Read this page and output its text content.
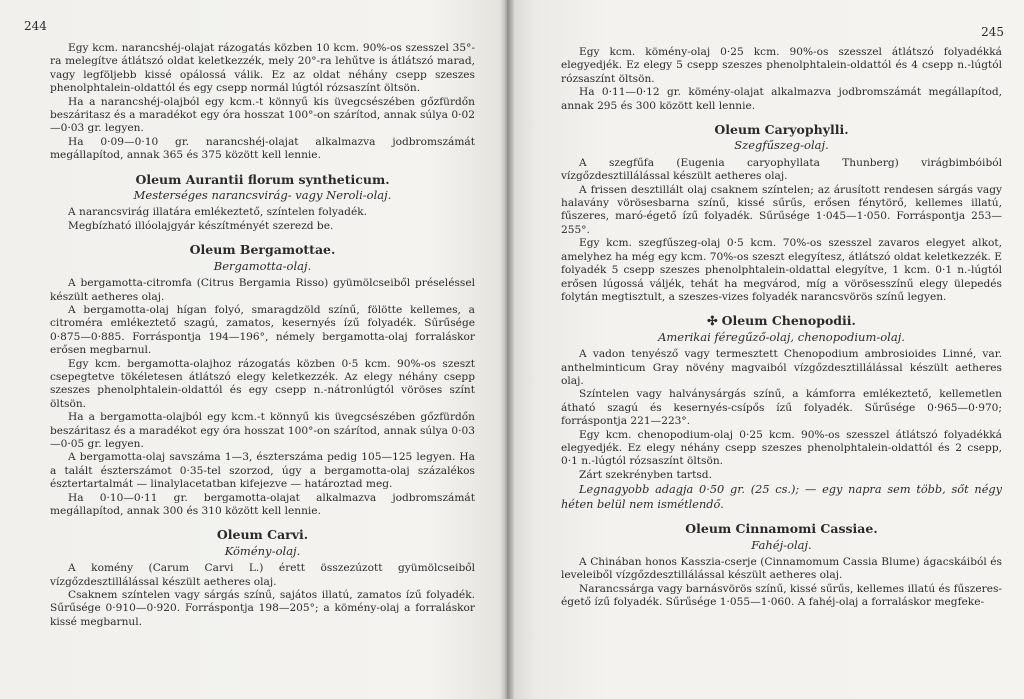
244

Egy kcm. narancshéj-olajat rázogatás közben 10 kcm. 90%-os szesszel 35°-ra melegítve átlátszó oldat keletkezzék, mely 20°-ra lehűtve is átlátszó marad, vagy legföljebb kissé opálossá válik. Ez az oldat néhány csepp szeszes phenolphtalein-oldattól és egy csepp normál lúgtól rózsaszínt öltsön.

Ha a narancshéj-olajból egy kcm.-t könnyű kis üvegcsészében gőzfürdőn beszáritasz és a maradékot egy óra hosszat 100°-on szárítod, annak súlya 0·02—0·03 gr. legyen.

Ha 0·09—0·10 gr. narancshéj-olajat alkalmazva jodbromszámát megállapítod, annak 365 és 375 között kell lennie.

Oleum Aurantii florum syntheticum.
Mesterséges narancsvirág- vagy Neroli-olaj.

A narancsvirág illatára emlékeztető, színtelen folyadék.

Megbízható illóolajgyár készítményét szerezd be.

Oleum Bergamottae.
Bergamotta-olaj.

A bergamotta-citromfa (Citrus Bergamia Risso) gyümölcseiből préseléssel készült aetheres olaj.

A bergamotta-olaj hígan folyó, smaragdzöld színű, fölötte kellemes, a citroméra emlékeztető szagú, zamatos, kesernyés ízű folyadék. Sűrűsége 0·875—0·885. Forráspontja 194—196°, némely bergamotta-olaj forraláskor erősen megbarnul.

Egy kcm. bergamotta-olajhoz rázogatás közben 0·5 kcm. 90%-os szeszt csepegtetve tökéletesen átlátszó elegy keletkezzék. Az elegy néhány csepp szeszes phenolphtalein-oldattól és egy csepp n.-nátronlúgtól vöröses színt öltsön.

Ha a bergamotta-olajból egy kcm.-t könnyű kis üvegcsészében gőzfürdőn beszáritasz és a maradékot egy óra hosszat 100°-on szárítod, annak súlya 0·03—0·05 gr. legyen.

A bergamotta-olaj savszáma 1—3, észterszáma pedig 105—125 legyen. Ha a talált észterszámot 0·35-tel szorzod, úgy a bergamotta-olaj százalékos észtertartalmát — linalylacetatban kifejezve — határoztad meg.

Ha 0·10—0·11 gr. bergamotta-olajat alkalmazva jodbromszámát megállapítod, annak 300 és 310 között kell lennie.

Oleum Carvi.
Köménу-olaj.

A komény (Carum Carvi L.) érett összezúzott gyümölcseiből vízgőzdesztillálással készült aetheres olaj.

Csaknem színtelen vagy sárgás színű, sajátos illatú, zamatos ízű folyadék. Sűrűsége 0·910—0·920. Forráspontja 198—205°; a kömény-olaj a forraláskor kissé megbarnul.

245

Egy kcm. kömény-olaj 0·25 kcm. 90%-os szesszel átlátszó folyadékká elegyedjék. Ez elegy 5 csepp szeszes phenolphtalein-oldattól és 4 csepp n.-lúgtól rózsaszínt öltsön.

Ha 0·11—0·12 gr. kömény-olajat alkalmazva jodbromszámát megállapítod, annak 295 és 300 között kell lennie.

Oleum Caryophylli.
Szegfűszeg-olaj.

A szegfűfa (Eugenia caryophyllata Thunberg) virágbimbóiból vízgőzdesztillálással készült aetheres olaj.

A frissen desztillált olaj csaknem színtelen; az árusított rendesen sárgás vagy halavány vörösesbarna színű, kissé sűrűs, erősen fénytörő, kellemes illatú, fűszeres, maró-égető ízű folyadék. Sűrűsége 1·045—1·050. Forráspontja 253—255°.

Egy kcm. szegfűszeg-olaj 0·5 kcm. 70%-os szesszel zavaros elegyet alkot, amelyhez ha még egy kcm. 70%-os szeszt elegyítesz, átlátszó oldat keletkezzék. E folyadék 5 csepp szeszes phenolphtalein-oldattal elegyítve, 1 kcm. 0·1 n.-lúgtól erősen lúgossá váljék, tehát ha megvárod, míg a vörösesszínű elegy ülepedés folytán megtisztult, a szeszes-vizes folyadék narancsvörös színű legyen.

✣ Oleum Chenopodii.
Amerikai féregűző-olaj, chenopodium-olaj.

A vadon tenyésző vagy termesztett Chenopodium ambrosioides Linné, var. anthelminticum Gray növény magvaiból vízgőzdesztillálással készült aetheres olaj.

Színtelen vagy halványsárgás színű, a kámforra emlékeztető, kellemetlen átható szagú és kesernyés-csípős ízű folyadék. Sűrűsége 0·965—0·970; forráspontja 221—223°.

Egy kcm. chenopodium-olaj 0·25 kcm. 90%-os szesszel átlátszó folyadékká elegyedjék. Ez elegy néhány csepp szeszes phenolphtalein-oldattól és 2 csepp, 0·1 n.-lúgtól rózsaszínt öltsön.

Zárt szekrényben tartsd.

Legnagyobb adagja 0·50 gr. (25 cs.); — egy napra sem több, sőt négy héten belül nem ismétlendő.

Oleum Cinnamomi Cassiae.
Fahéj-olaj.

A Chinában honos Kasszia-cserje (Cinnamomum Cassia Blume) ágacskáiból és leveleiből vízgőzdesztillálással készült aetheres olaj.

Narancssárga vagy barnásvörös színű, kissé sűrűs, kellemes illatú és fűszeres-égető ízű folyadék. Sűrűsége 1·055—1·060. A fahéj-olaj a forraláskor megfeke-
